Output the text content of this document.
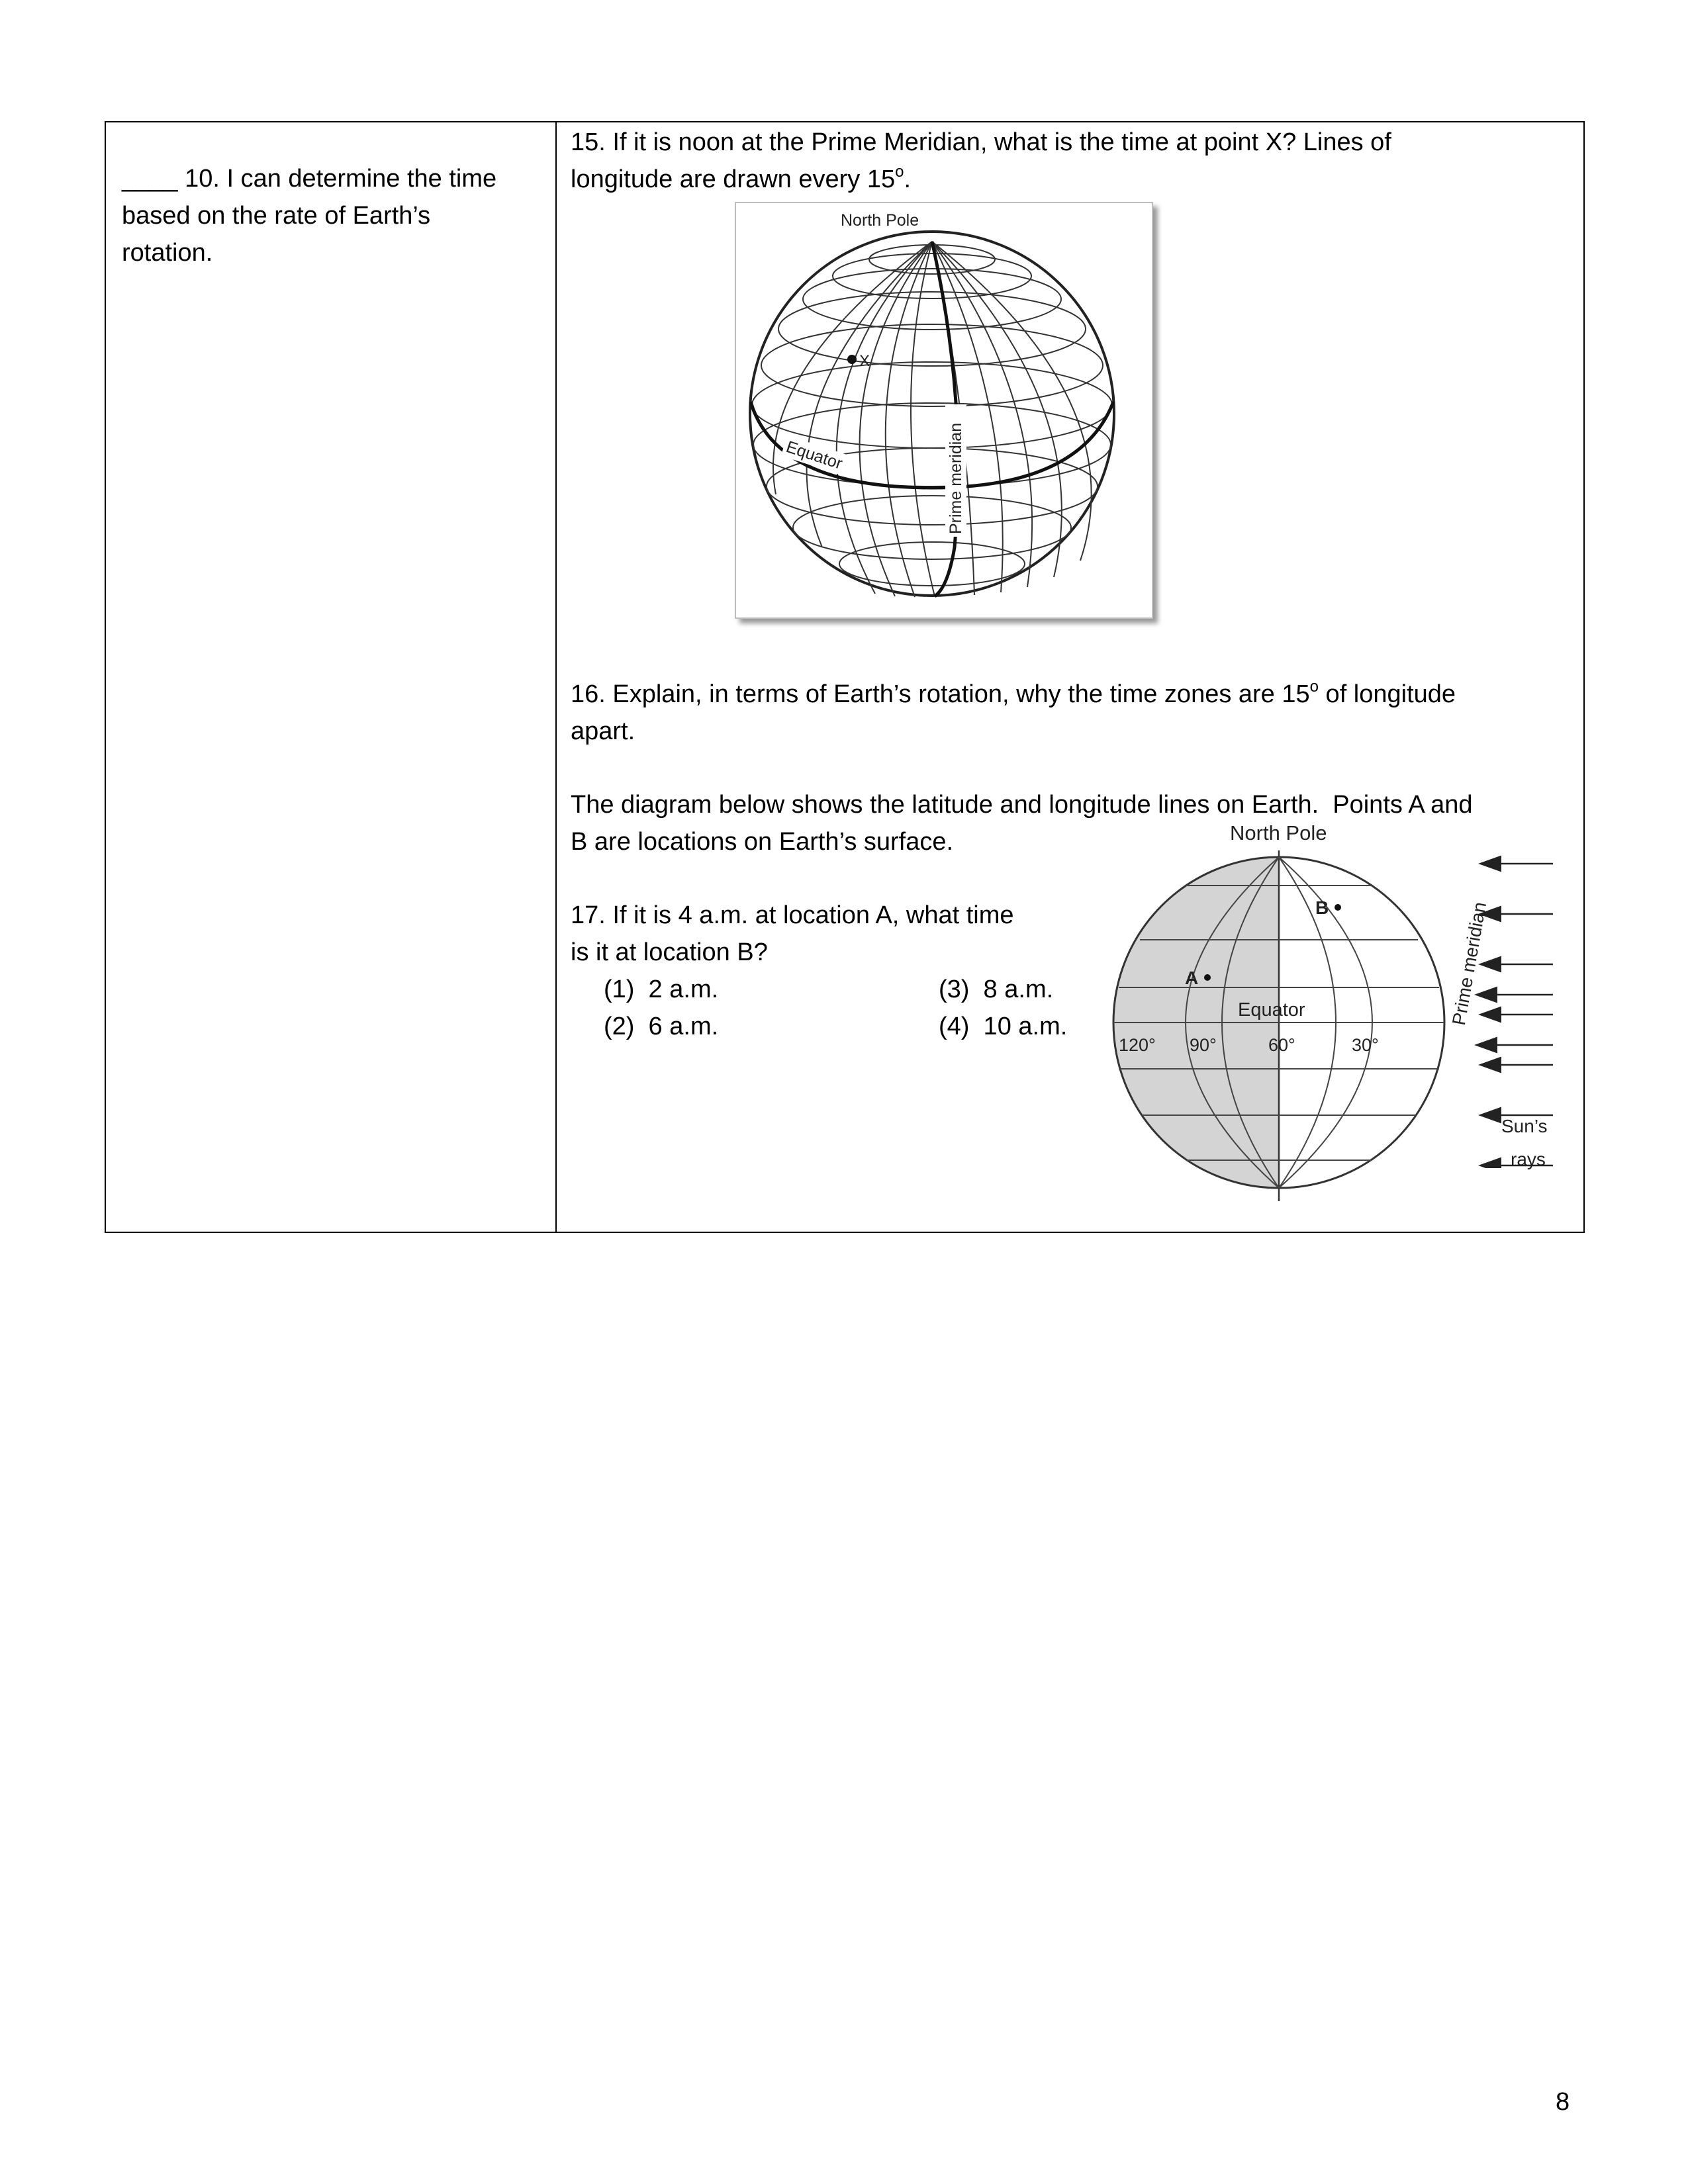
____ 10. I can determine the time
based on the rate of Earth’s
rotation.
15. If it is noon at the Prime Meridian, what is the time at point X? Lines of
longitude are drawn every 15$^o$.
North Pole
X
Equator	Prime meridian
16. Explain, in terms of Earth’s rotation, why the time zones are 15$^o$ of longitude
apart.
The diagram below shows the latitude and longitude lines on Earth.  Points A and
B are locations on Earth’s surface.
17. If it is 4 a.m. at location A, what time
is it at location B?
(1)  2 a.m.
(2)  6 a.m.
(3)  8 a.m.
(4)  10 a.m.
North Pole
B
A
Equator
120° 90°	60°	30°
Prime meridian
Sun’s
rays
8
